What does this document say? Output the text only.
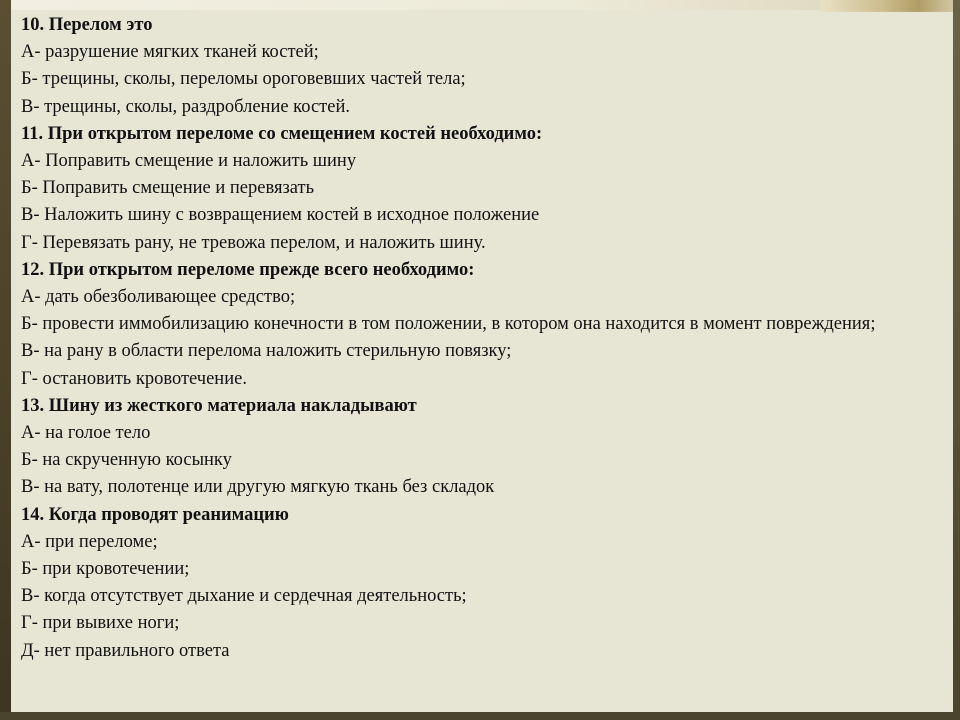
10. Перелом это

А- разрушение мягких тканей костей;

Б- трещины, сколы, переломы ороговевших частей тела;

В- трещины, сколы, раздробление костей.

11. При открытом переломе со смещением костей необходимо:

А- Поправить смещение и наложить шину

Б- Поправить смещение и перевязать

В- Наложить шину с возвращением костей в исходное положение

Г- Перевязать рану, не тревожа перелом, и наложить шину.

12. При открытом переломе прежде всего необходимо:

А- дать обезболивающее средство;

Б- провести иммобилизацию конечности в том положении, в котором она находится в момент повреждения;

В- на рану в области перелома наложить стерильную повязку;

Г- остановить кровотечение.

13. Шину из жесткого материала накладывают

А- на голое тело

Б- на скрученную косынку

В- на вату, полотенце или другую мягкую ткань без складок

14. Когда проводят реанимацию

А- при переломе;

Б- при кровотечении;

В- когда отсутствует дыхание и сердечная деятельность;

Г- при вывихе ноги;

Д- нет правильного ответа
